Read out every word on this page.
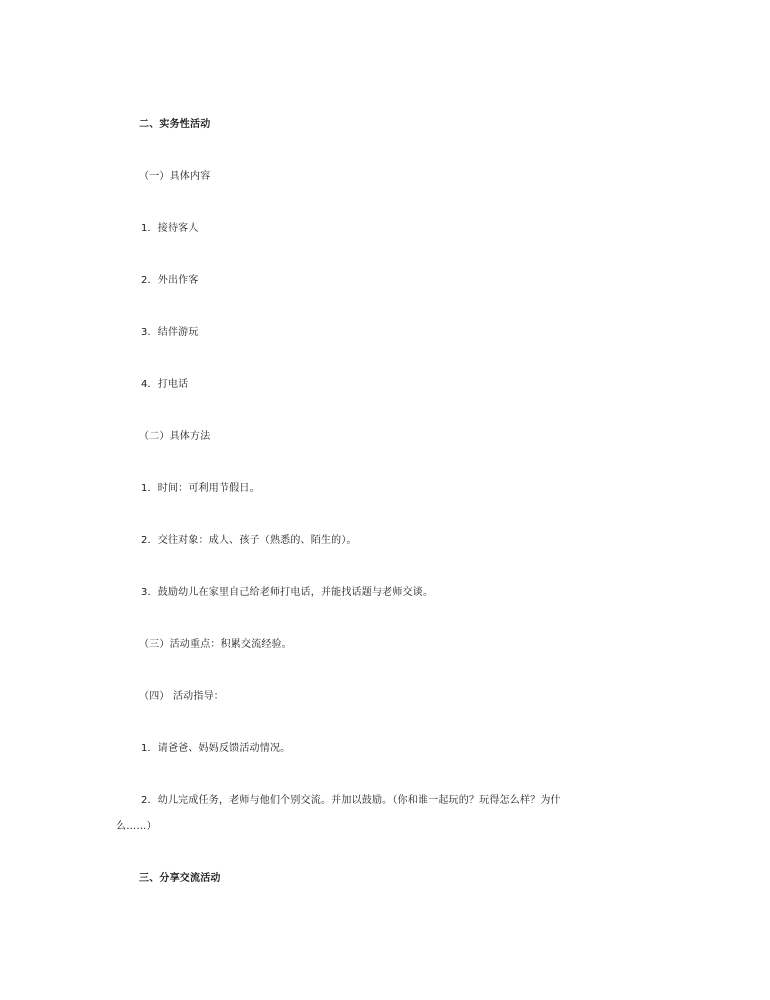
二、实务性活动
（一）具体内容
1．接待客人
2．外出作客
3．结伴游玩
4．打电话
（二）具体方法
1．时间：可利用节假日。
2．交往对象：成人、孩子（熟悉的、陌生的）。
3．鼓励幼儿在家里自己给老师打电话，并能找话题与老师交谈。
（三）活动重点：积累交流经验。
（四） 活动指导：
1．请爸爸、妈妈反馈活动情况。
2．幼儿完成任务，老师与他们个别交流。并加以鼓励。（你和谁一起玩的？玩得怎么样？为什
么……）
三、分享交流活动
